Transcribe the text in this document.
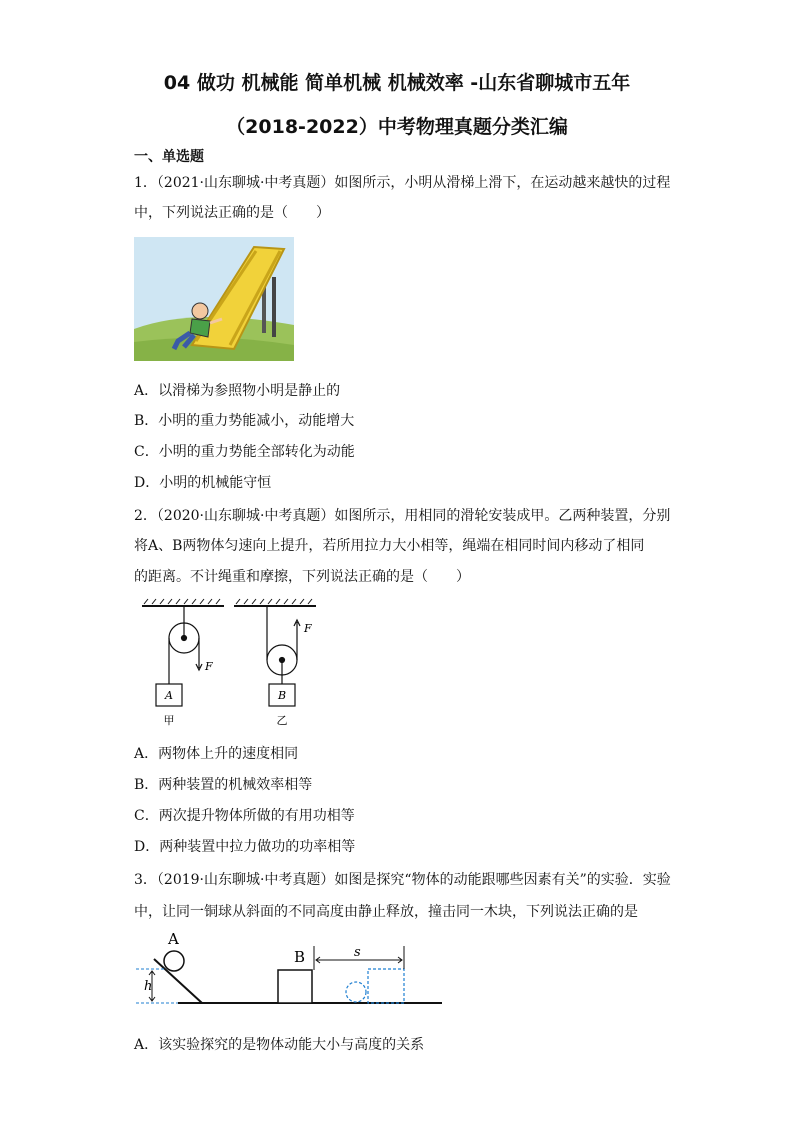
04 做功 机械能 简单机械 机械效率 -山东省聊城市五年
（2018-2022）中考物理真题分类汇编
一、单选题
1．（2021·山东聊城·中考真题）如图所示，小明从滑梯上滑下，在运动越来越快的过程
中，下列说法正确的是（　　）
A．以滑梯为参照物小明是静止的
B．小明的重力势能减小，动能增大
C．小明的重力势能全部转化为动能
D．小明的机械能守恒
2．（2020·山东聊城·中考真题）如图所示，用相同的滑轮安装成甲。乙两种装置，分别
将A、B两物体匀速向上提升，若所用拉力大小相等，绳端在相同时间内移动了相同
的距离。不计绳重和摩擦，下列说法正确的是（　　）
F
A
甲
F
B
乙
A．两物体上升的速度相同
B．两种装置的机械效率相等
C．两次提升物体所做的有用功相等
D．两种装置中拉力做功的功率相等
3．（2019·山东聊城·中考真题）如图是探究“物体的动能跟哪些因素有关”的实验．实验
中，让同一铜球从斜面的不同高度由静止释放，撞击同一木块，下列说法正确的是
h
A
B	s
A．该实验探究的是物体动能大小与高度的关系
